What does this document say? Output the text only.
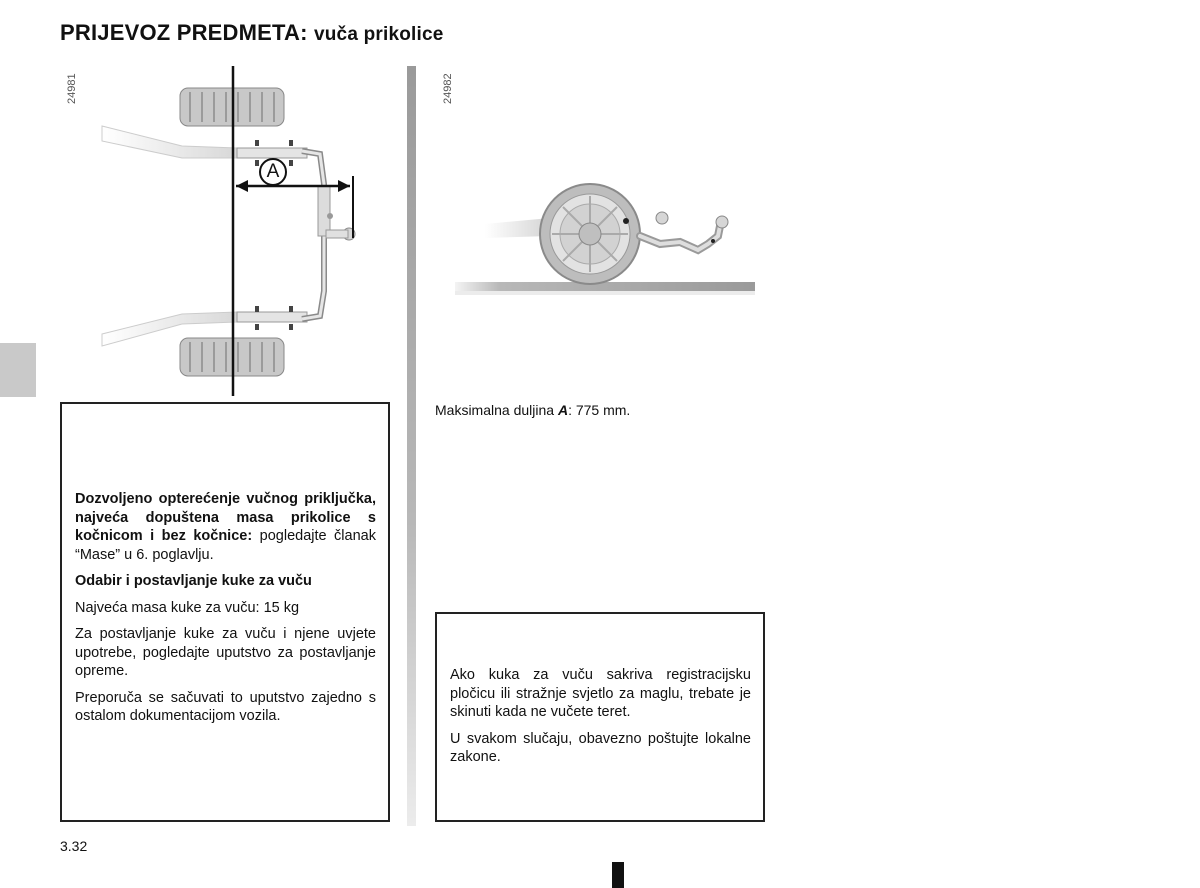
PRIJEVOZ PREDMETA: vuča prikolice
A
24981	24982
Maksimalna duljina A: 775 mm.

Dozvoljeno opterećenje vučnog priključka, najveća dopuštena masa prikolice s kočnicom i bez kočnice: pogledajte članak “Mase” u 6. poglavlju.

Odabir i postavljanje kuke za vuču

Najveća masa kuke za vuču: 15 kg

Za postavljanje kuke za vuču i njene uvjete upotrebe, pogledajte uputstvo za postavljanje opreme.

Preporuča se sačuvati to uputstvo zajedno s ostalom dokumentacijom vozila.

Ako kuka za vuču sakriva registracijsku pločicu ili stražnje svjetlo za maglu, trebate je skinuti kada ne vučete teret.

U svakom slučaju, obavezno poštujte lokalne zakone.

3.32
